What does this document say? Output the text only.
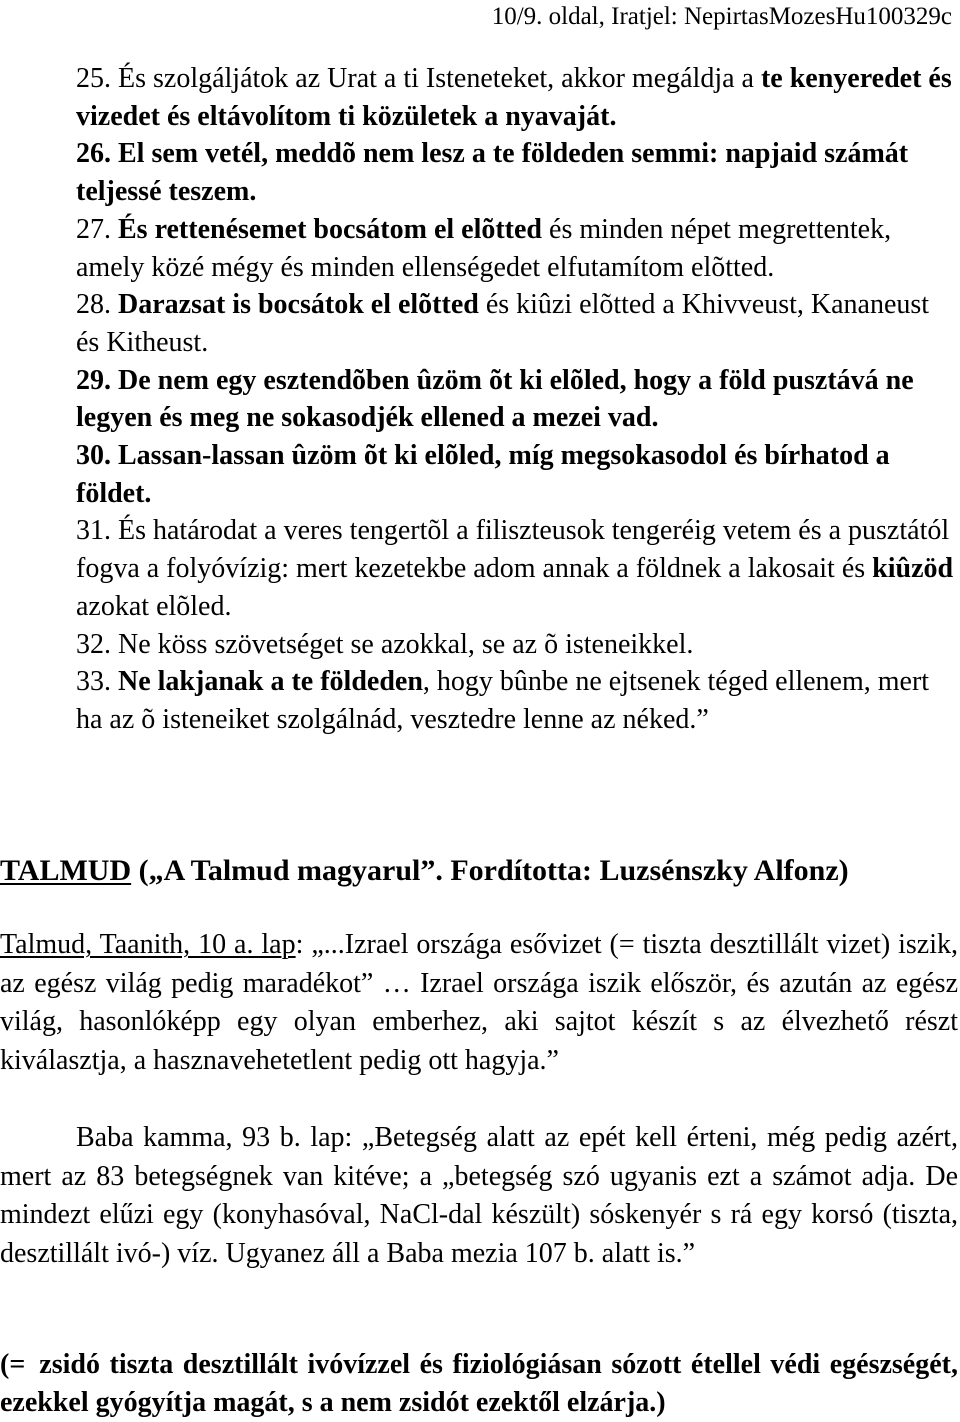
10/9. oldal, Iratjel: NepirtasMozesHu100329c

25. És szolgáljátok az Urat a ti Isteneteket, akkor megáldja a te kenyeredet és vizedet és eltávolítom ti közületek a nyavaját.

26. El sem vetél, meddõ nem lesz a te földeden semmi: napjaid számát teljessé teszem.

27. És rettenésemet bocsátom el elõtted és minden népet megrettentek, amely közé mégy és minden ellenségedet elfutamítom elõtted.

28. Darazsat is bocsátok el elõtted és kiûzi elõtted a Khivveust, Kananeust és Kitheust.

29. De nem egy esztendõben ûzöm õt ki elõled, hogy a föld pusztává ne legyen és meg ne sokasodjék ellened a mezei vad.

30. Lassan-lassan ûzöm õt ki elõled, míg megsokasodol és bírhatod a földet.

31. És határodat a veres tengertõl a filiszteusok tengeréig vetem és a pusztától fogva a folyóvízig: mert kezetekbe adom annak a földnek a lakosait és kiûzöd azokat elõled.

32. Ne köss szövetséget se azokkal, se az õ isteneikkel.

33. Ne lakjanak a te földeden, hogy bûnbe ne ejtsenek téged ellenem, mert ha az õ isteneiket szolgálnád, vesztedre lenne az néked.”

TALMUD („A Talmud magyarul”. Fordította: Luzsénszky Alfonz)

Talmud, Taanith, 10 a. lap: „...Izrael országa esővizet (= tiszta desztillált vizet) iszik, az egész világ pedig maradékot” … Izrael országa iszik először, és azután az egész világ, hasonlóképp egy olyan emberhez, aki sajtot készít s az élvezhető részt kiválasztja, a hasznavehetetlent pedig ott hagyja.”

Baba kamma, 93 b. lap: „Betegség alatt az epét kell érteni, még pedig azért, mert az 83 betegségnek van kitéve; a „betegség szó ugyanis ezt a számot adja. De mindezt elűzi egy (konyhasóval, NaCl-dal készült) sóskenyér s rá egy korsó (tiszta, desztillált ivó-) víz. Ugyanez áll a Baba mezia 107 b. alatt is.”

(= zsidó tiszta desztillált ivóvízzel és fiziológiásan sózott étellel védi egészségét, ezekkel gyógyítja magát, s a nem zsidót ezektől elzárja.)
